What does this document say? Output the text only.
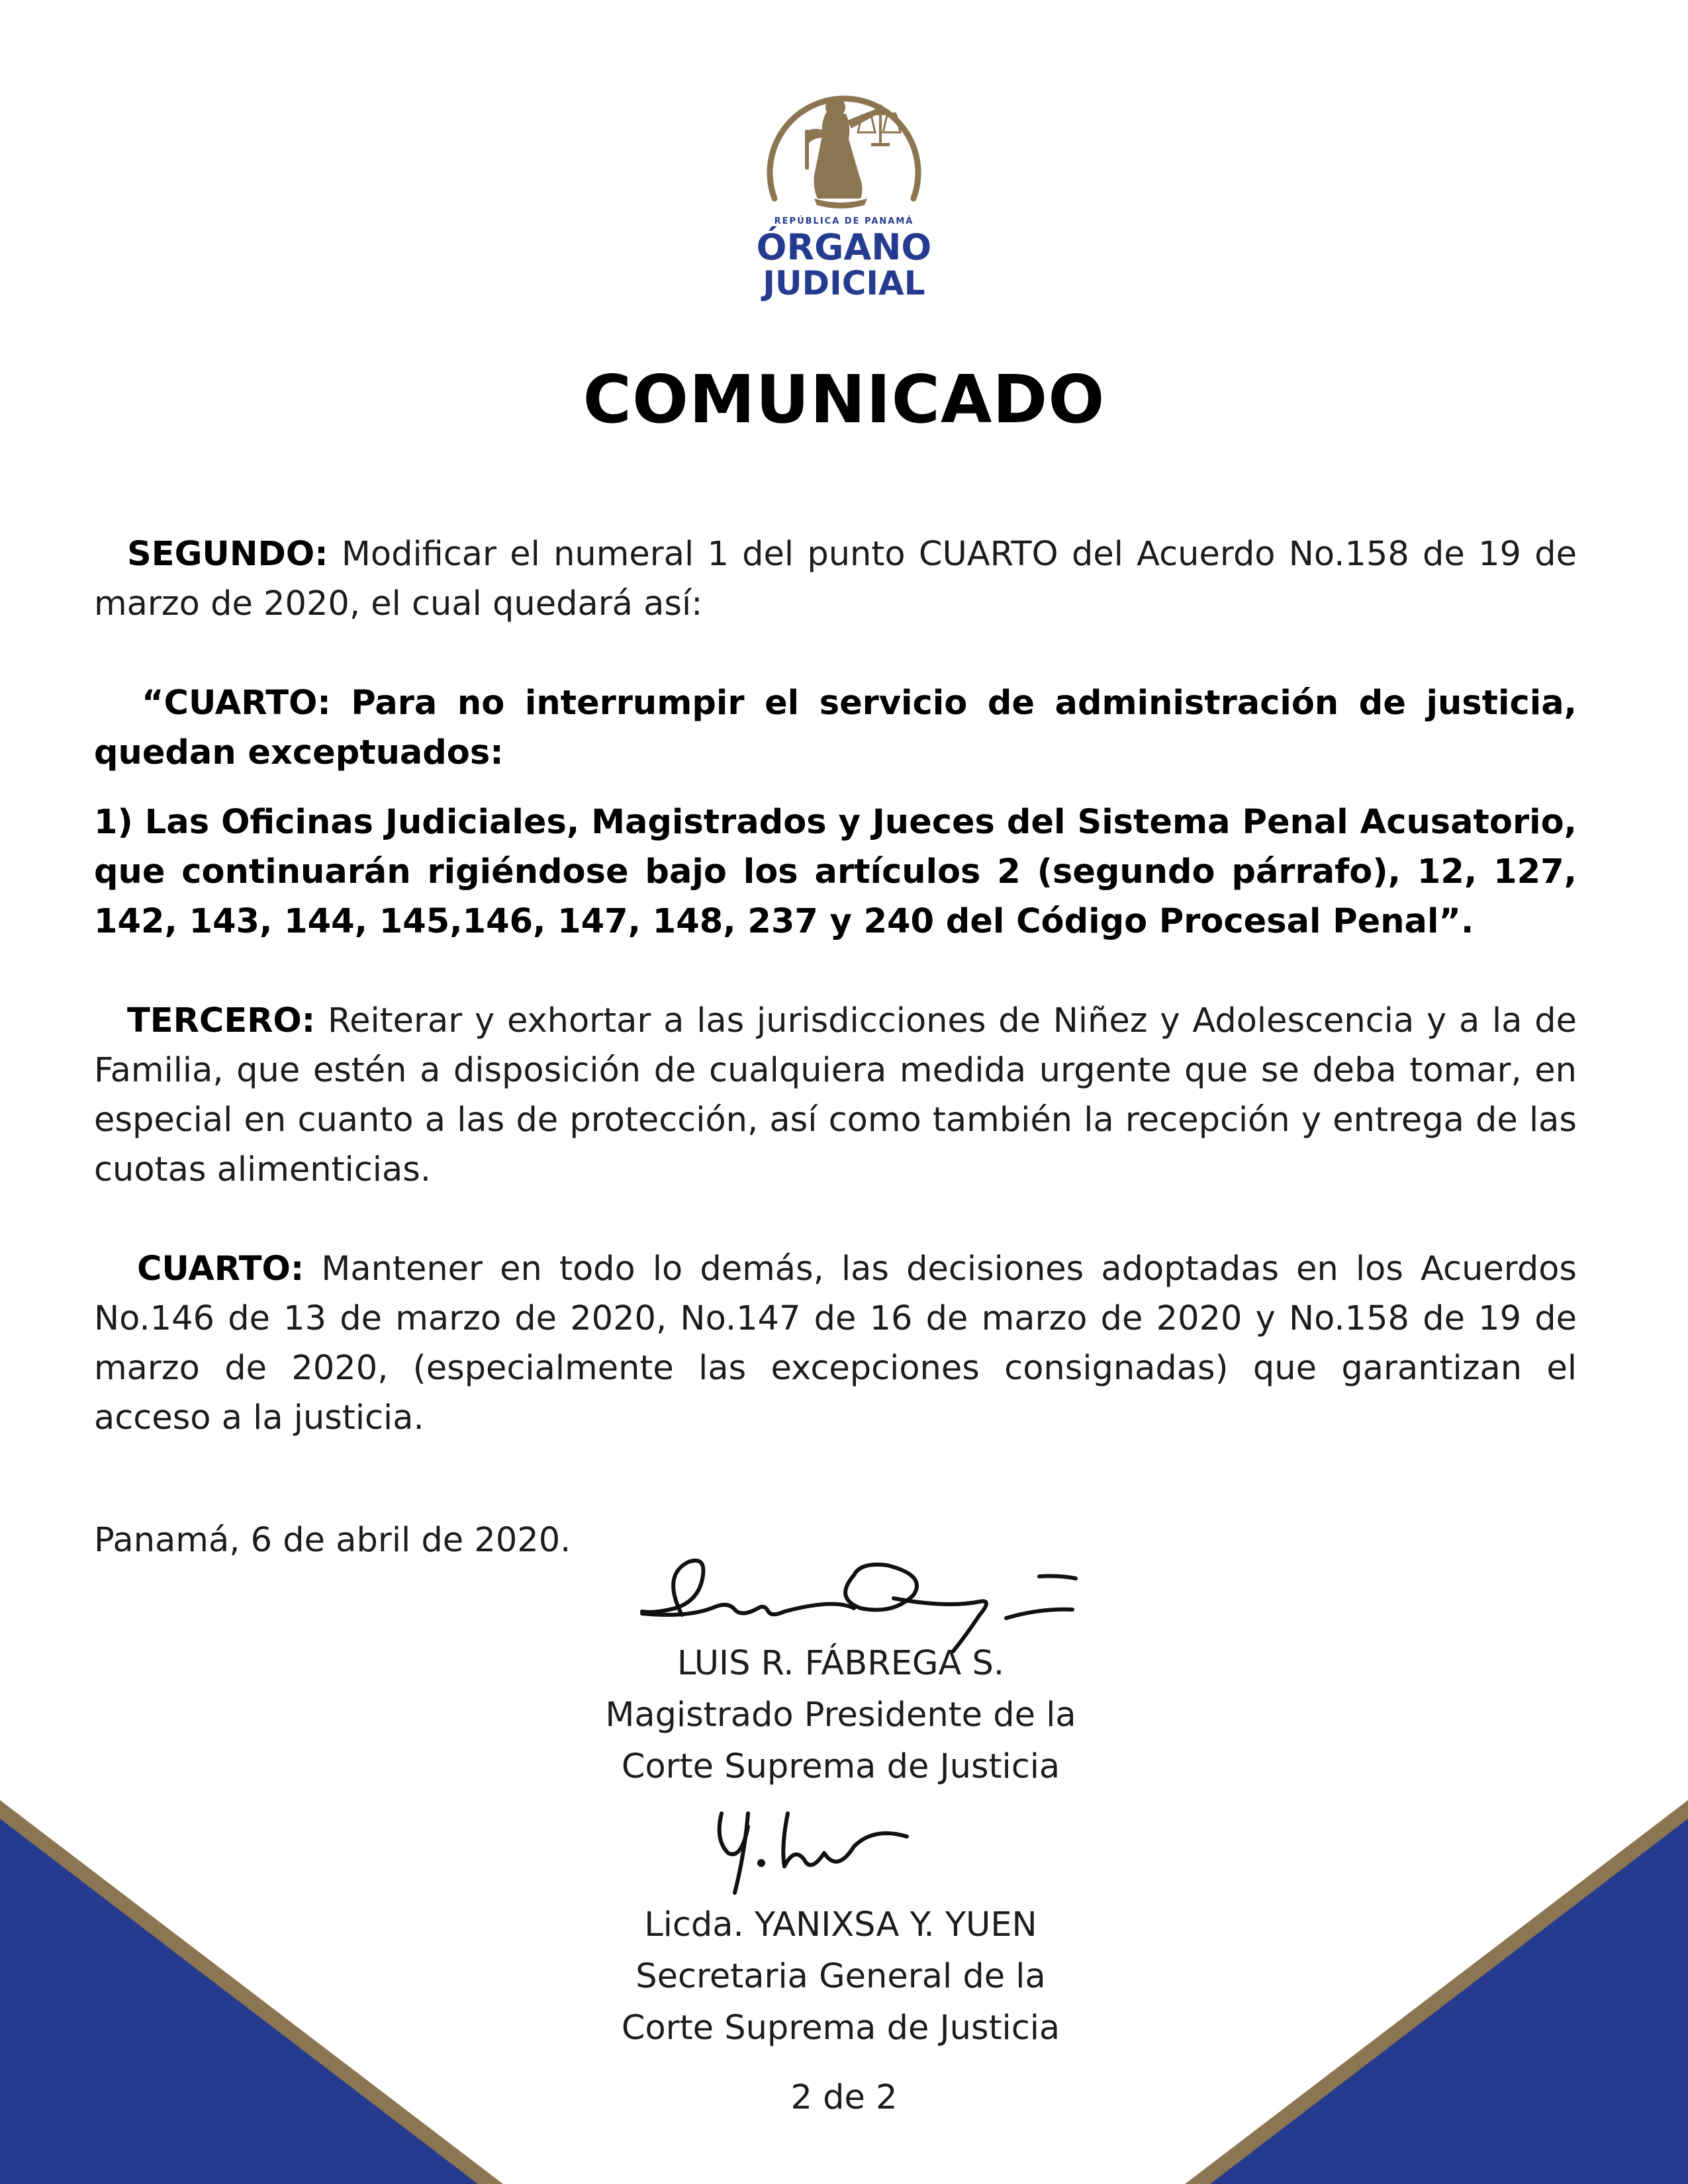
REPÚBLICA DE PANAMÁ
ÓRGANO
JUDICIAL
COMUNICADO

SEGUNDO: Modificar el numeral 1 del punto CUARTO del Acuerdo No.158 de 19 de marzo de 2020, el cual quedará así:

“CUARTO: Para no interrumpir el servicio de administración de justicia, quedan exceptuados:

1) Las Oficinas Judiciales, Magistrados y Jueces del Sistema Penal Acusatorio, que continuarán rigiéndose bajo los artículos 2 (segundo párrafo), 12, 127, 142, 143, 144, 145,146, 147, 148, 237 y 240 del Código Procesal Penal”.

TERCERO: Reiterar y exhortar a las jurisdicciones de Niñez y Adolescencia y a la de Familia, que estén a disposición de cualquiera medida urgente que se deba tomar, en especial en cuanto a las de protección, así como también la recepción y entrega de las cuotas alimenticias.

CUARTO: Mantener en todo lo demás, las decisiones adoptadas en los Acuerdos No.146 de 13 de marzo de 2020, No.147 de 16 de marzo de 2020 y No.158 de 19 de marzo de 2020, (especialmente las excepciones consignadas) que garantizan el acceso a la justicia.

Panamá, 6 de abril de 2020.
LUIS R. FÁBREGA S.
Magistrado Presidente de la
Corte Suprema de Justicia
Licda. YANIXSA Y. YUEN
Secretaria General de la
Corte Suprema de Justicia
2 de 2
